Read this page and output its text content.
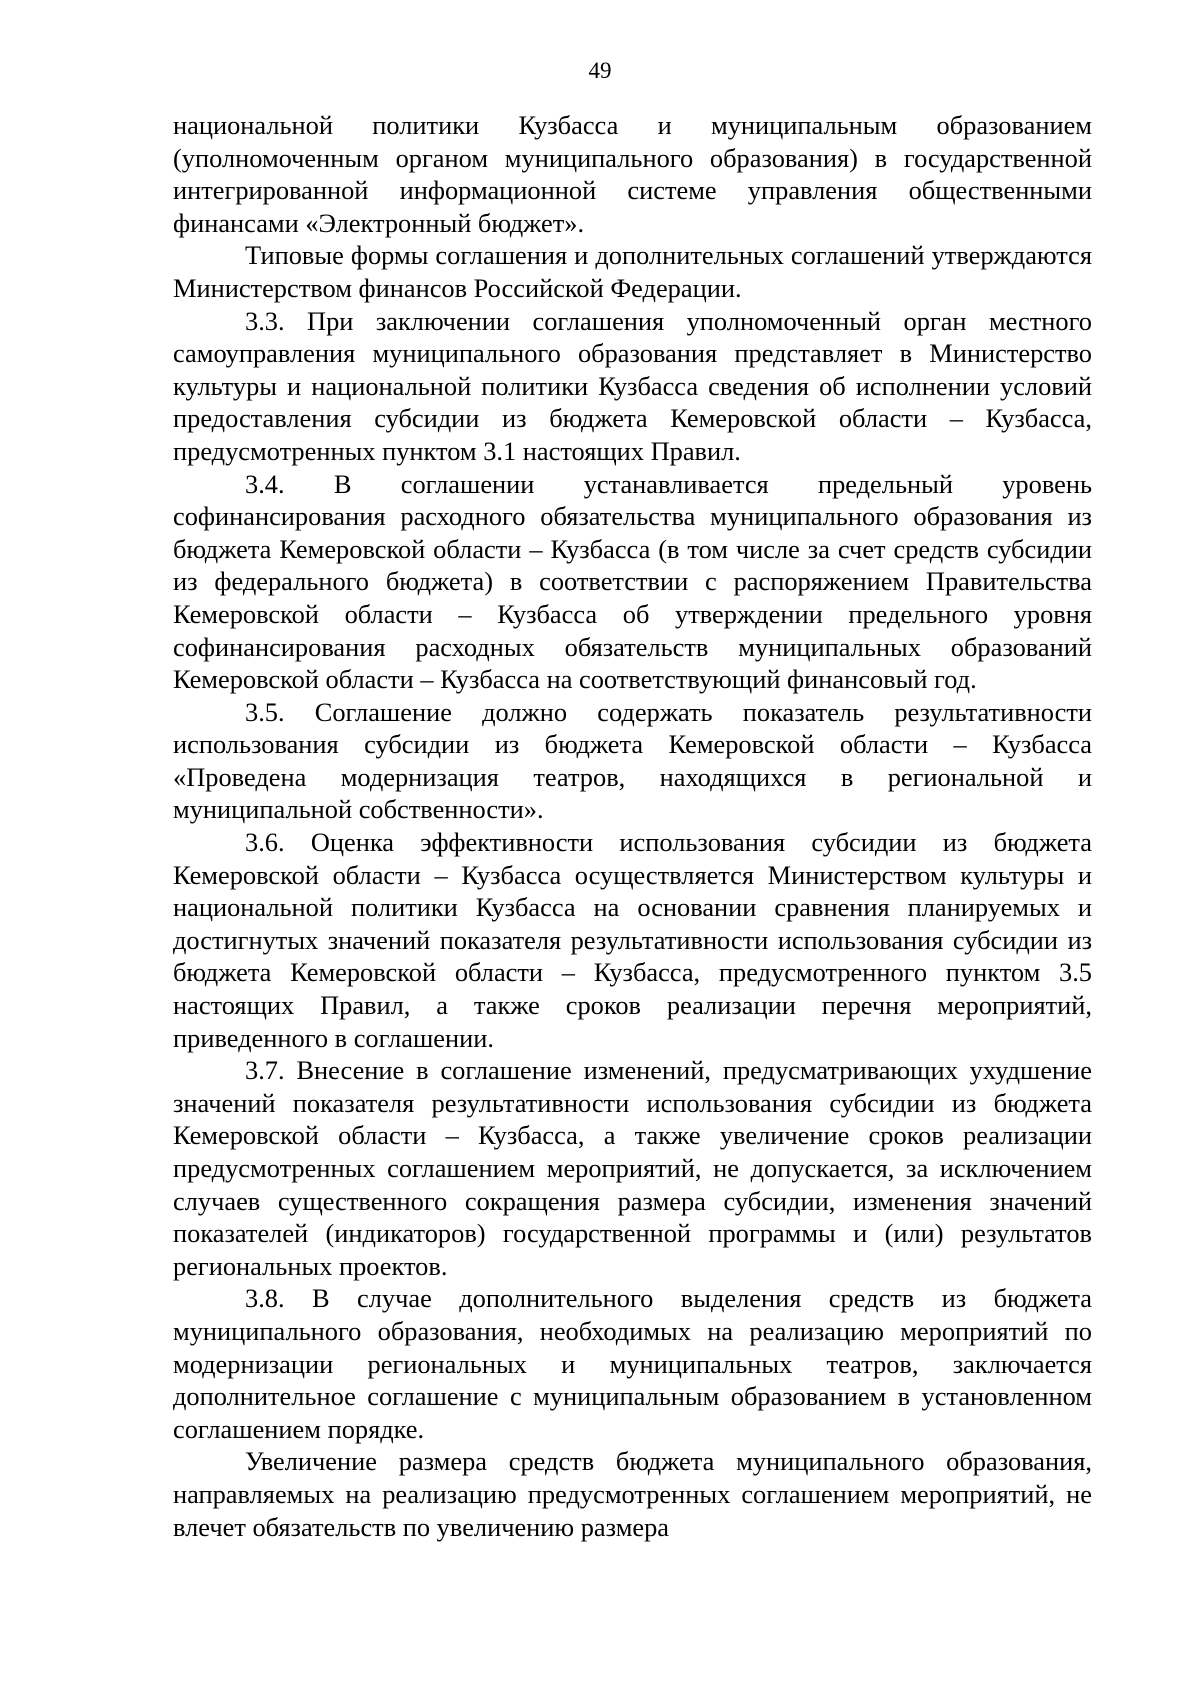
49

национальной политики Кузбасса и муниципальным образованием (уполномоченным органом муниципального образования) в государственной интегрированной информационной системе управления общественными финансами «Электронный бюджет».

Типовые формы соглашения и дополнительных соглашений утверждаются Министерством финансов Российской Федерации.

3.3. При заключении соглашения уполномоченный орган местного самоуправления муниципального образования представляет в Министерство культуры и национальной политики Кузбасса сведения об исполнении условий предоставления субсидии из бюджета Кемеровской области – Кузбасса, предусмотренных пунктом 3.1 настоящих Правил.

3.4. В соглашении устанавливается предельный уровень софинансирования расходного обязательства муниципального образования из бюджета Кемеровской области – Кузбасса (в том числе за счет средств субсидии из федерального бюджета) в соответствии с распоряжением Правительства Кемеровской области – Кузбасса об утверждении предельного уровня софинансирования расходных обязательств муниципальных образований Кемеровской области – Кузбасса на соответствующий финансовый год.

3.5. Соглашение должно содержать показатель результативности использования субсидии из бюджета Кемеровской области – Кузбасса «Проведена модернизация театров, находящихся в региональной и муниципальной собственности».

3.6. Оценка эффективности использования субсидии из бюджета Кемеровской области – Кузбасса осуществляется Министерством культуры и национальной политики Кузбасса на основании сравнения планируемых и достигнутых значений показателя результативности использования субсидии из бюджета Кемеровской области – Кузбасса, предусмотренного пунктом 3.5 настоящих Правил, а также сроков реализации перечня мероприятий, приведенного в соглашении.

3.7. Внесение в соглашение изменений, предусматривающих ухудшение значений показателя результативности использования субсидии из бюджета Кемеровской области – Кузбасса, а также увеличение сроков реализации предусмотренных соглашением мероприятий, не допускается, за исключением случаев существенного сокращения размера субсидии, изменения значений показателей (индикаторов) государственной программы и (или) результатов региональных проектов.

3.8. В случае дополнительного выделения средств из бюджета муниципального образования, необходимых на реализацию мероприятий по модернизации региональных и муниципальных театров, заключается дополнительное соглашение с муниципальным образованием в установленном соглашением порядке.

Увеличение размера средств бюджета муниципального образования, направляемых на реализацию предусмотренных соглашением мероприятий, не влечет обязательств по увеличению размера
